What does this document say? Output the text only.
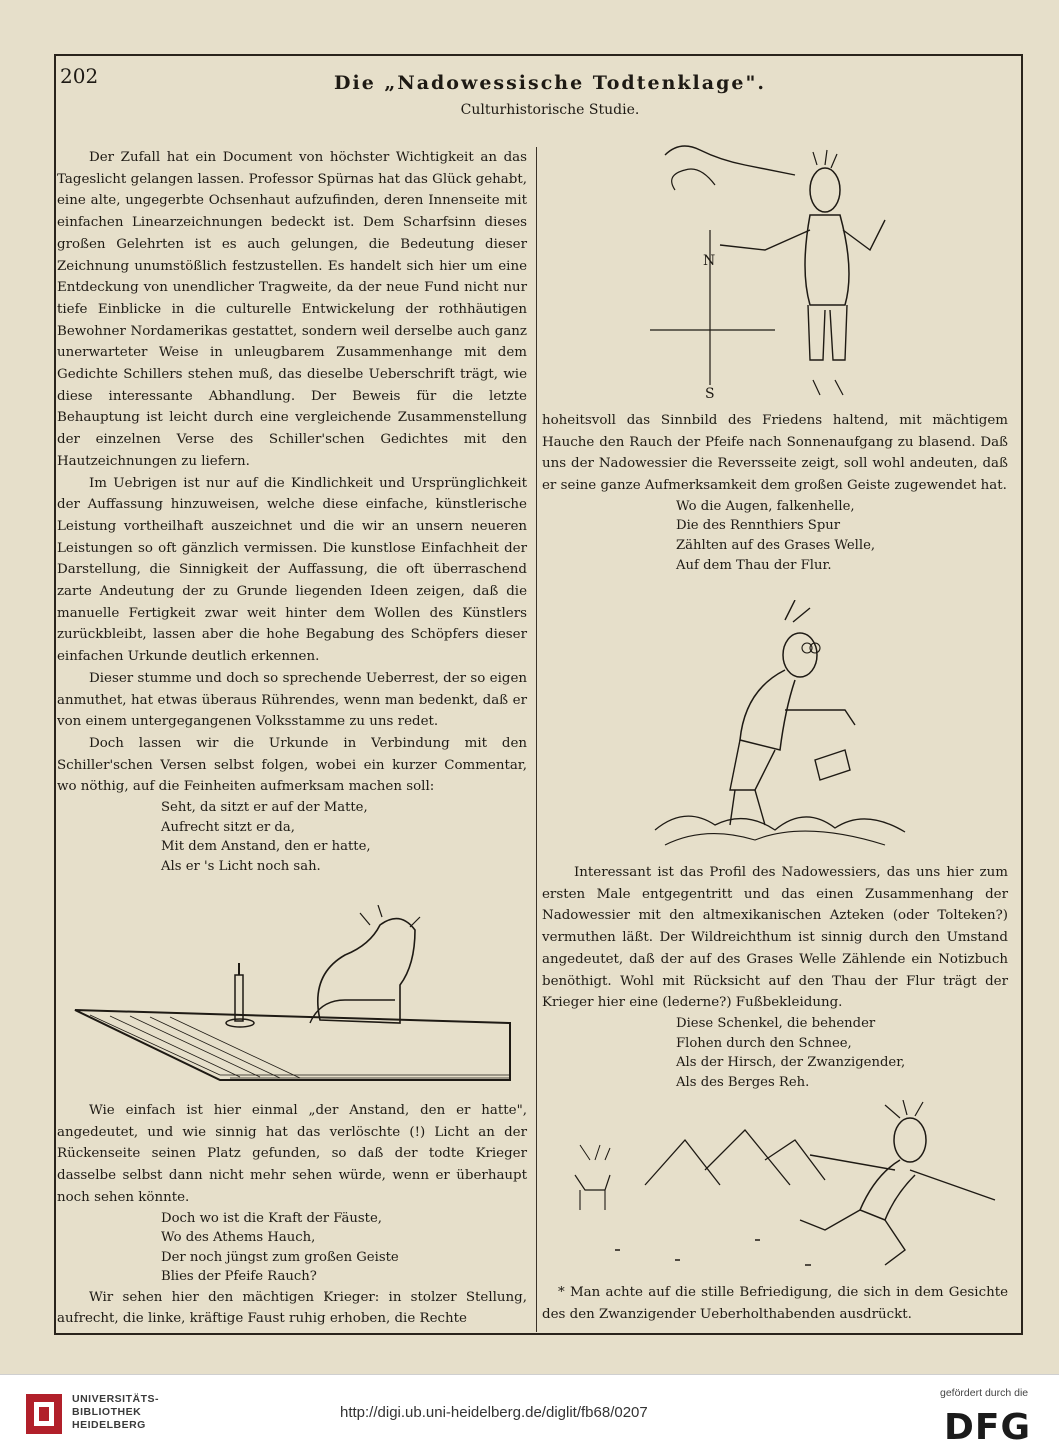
202	Die „Nadowessische Todtenklage".
Culturhistorische Studie.

Der Zufall hat ein Document von höchster Wichtigkeit an das Tageslicht gelangen lassen. Professor Spürnas hat das Glück gehabt, eine alte, ungegerbte Ochsenhaut aufzufinden, deren Innenseite mit einfachen Linearzeichnungen bedeckt ist. Dem Scharfsinn dieses großen Gelehrten ist es auch gelungen, die Bedeutung dieser Zeichnung unumstößlich festzustellen. Es handelt sich hier um eine Entdeckung von unendlicher Tragweite, da der neue Fund nicht nur tiefe Einblicke in die culturelle Entwickelung der rothhäutigen Bewohner Nordamerikas gestattet, sondern weil derselbe auch ganz unerwarteter Weise in unleugbarem Zusammenhange mit dem Gedichte Schillers stehen muß, das dieselbe Ueberschrift trägt, wie diese interessante Abhandlung. Der Beweis für die letzte Behauptung ist leicht durch eine vergleichende Zusammenstellung der einzelnen Verse des Schiller'schen Gedichtes mit den Hautzeichnungen zu liefern.

Im Uebrigen ist nur auf die Kindlichkeit und Ursprünglichkeit der Auffassung hinzuweisen, welche diese einfache, künstlerische Leistung vortheilhaft auszeichnet und die wir an unsern neueren Leistungen so oft gänzlich vermissen. Die kunstlose Einfachheit der Darstellung, die Sinnigkeit der Auffassung, die oft überraschend zarte Andeutung der zu Grunde liegenden Ideen zeigen, daß die manuelle Fertigkeit zwar weit hinter dem Wollen des Künstlers zurückbleibt, lassen aber die hohe Begabung des Schöpfers dieser einfachen Urkunde deutlich erkennen.

Dieser stumme und doch so sprechende Ueberrest, der so eigen anmuthet, hat etwas überaus Rührendes, wenn man bedenkt, daß er von einem untergegangenen Volksstamme zu uns redet.

Doch lassen wir die Urkunde in Verbindung mit den Schiller'schen Versen selbst folgen, wobei ein kurzer Commentar, wo nöthig, auf die Feinheiten aufmerksam machen soll:

Seht, da sitzt er auf der Matte,
Aufrecht sitzt er da,
Mit dem Anstand, den er hatte,
Als er 's Licht noch sah.

Wie einfach ist hier einmal „der Anstand, den er hatte", angedeutet, und wie sinnig hat das verlöschte (!) Licht an der Rückenseite seinen Platz gefunden, so daß der todte Krieger dasselbe selbst dann nicht mehr sehen würde, wenn er überhaupt noch sehen könnte.

Doch wo ist die Kraft der Fäuste,
Wo des Athems Hauch,
Der noch jüngst zum großen Geiste
Blies der Pfeife Rauch?

Wir sehen hier den mächtigen Krieger: in stolzer Stellung, aufrecht, die linke, kräftige Faust ruhig erhoben, die Rechte

N
S

hoheitsvoll das Sinnbild des Friedens haltend, mit mächtigem Hauche den Rauch der Pfeife nach Sonnenaufgang zu blasend. Daß uns der Nadowessier die Reversseite zeigt, soll wohl andeuten, daß er seine ganze Aufmerksamkeit dem großen Geiste zugewendet hat.

Wo die Augen, falkenhelle,
Die des Rennthiers Spur
Zählten auf des Grases Welle,
Auf dem Thau der Flur.

Interessant ist das Profil des Nadowessiers, das uns hier zum ersten Male entgegentritt und das einen Zusammenhang der Nadowessier mit den altmexikanischen Azteken (oder Tolteken?) vermuthen läßt. Der Wildreichthum ist sinnig durch den Umstand angedeutet, daß der auf des Grases Welle Zählende ein Notizbuch benöthigt. Wohl mit Rücksicht auf den Thau der Flur trägt der Krieger hier eine (lederne?) Fußbekleidung.

Diese Schenkel, die behender
Flohen durch den Schnee,
Als der Hirsch, der Zwanzigender,
Als des Berges Reh.

* Man achte auf die stille Befriedigung, die sich in dem Gesichte des den Zwanzigender Ueberholthabenden ausdrückt.

UNIVERSITÄTS-
BIBLIOTHEK
HEIDELBERG
http://digi.ub.uni-heidelberg.de/diglit/fb68/0207
gefördert durch die
DFG
